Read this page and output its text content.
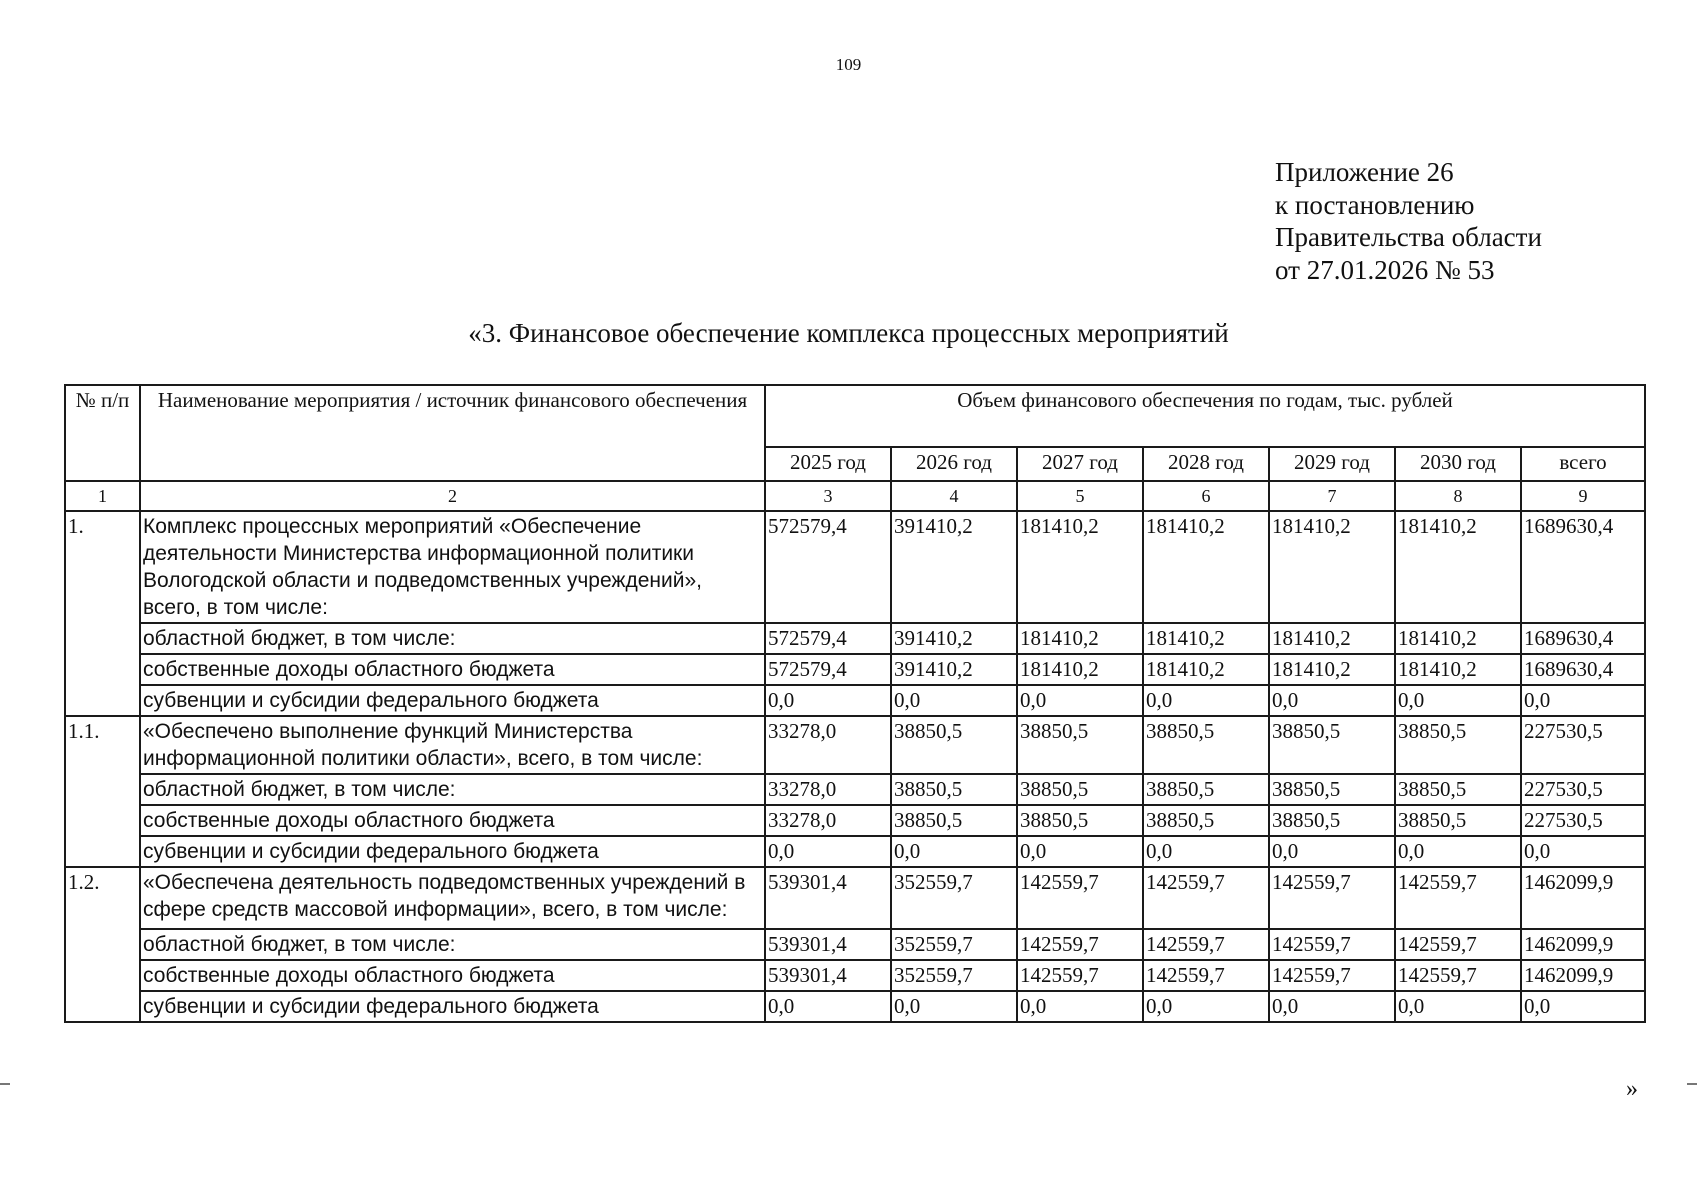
109
Приложение 26
к постановлению
Правительства области
от 27.01.2026 № 53
«3. Финансовое обеспечение комплекса процессных мероприятий
№ п/п	Наименование мероприятия / источник финансового обеспечения	Объем финансового обеспечения по годам, тыс. рублей						
		2025 год	2026 год	2027 год	2028 год	2029 год	2030 год	всего
1	2	3	4	5	6	7	8	9
1.	Комплекс процессных мероприятий «Обеспечение деятельности Министерства информационной политики Вологодской области и подведомственных учреждений», всего, в том числе:	572579,4	391410,2	181410,2	181410,2	181410,2	181410,2	1689630,4
	областной бюджет, в том числе:	572579,4	391410,2	181410,2	181410,2	181410,2	181410,2	1689630,4
	собственные доходы областного бюджета	572579,4	391410,2	181410,2	181410,2	181410,2	181410,2	1689630,4
	субвенции и субсидии федерального бюджета	0,0	0,0	0,0	0,0	0,0	0,0	0,0
1.1.	«Обеспечено выполнение функций Министерства информационной политики области», всего, в том числе:	33278,0	38850,5	38850,5	38850,5	38850,5	38850,5	227530,5
	областной бюджет, в том числе:	33278,0	38850,5	38850,5	38850,5	38850,5	38850,5	227530,5
	собственные доходы областного бюджета	33278,0	38850,5	38850,5	38850,5	38850,5	38850,5	227530,5
	субвенции и субсидии федерального бюджета	0,0	0,0	0,0	0,0	0,0	0,0	0,0
1.2.	«Обеспечена деятельность подведомственных учреждений в сфере средств массовой информации», всего, в том числе:	539301,4	352559,7	142559,7	142559,7	142559,7	142559,7	1462099,9
	областной бюджет, в том числе:	539301,4	352559,7	142559,7	142559,7	142559,7	142559,7	1462099,9
	собственные доходы областного бюджета	539301,4	352559,7	142559,7	142559,7	142559,7	142559,7	1462099,9
	субвенции и субсидии федерального бюджета	0,0	0,0	0,0	0,0	0,0	0,0	0,0
»
